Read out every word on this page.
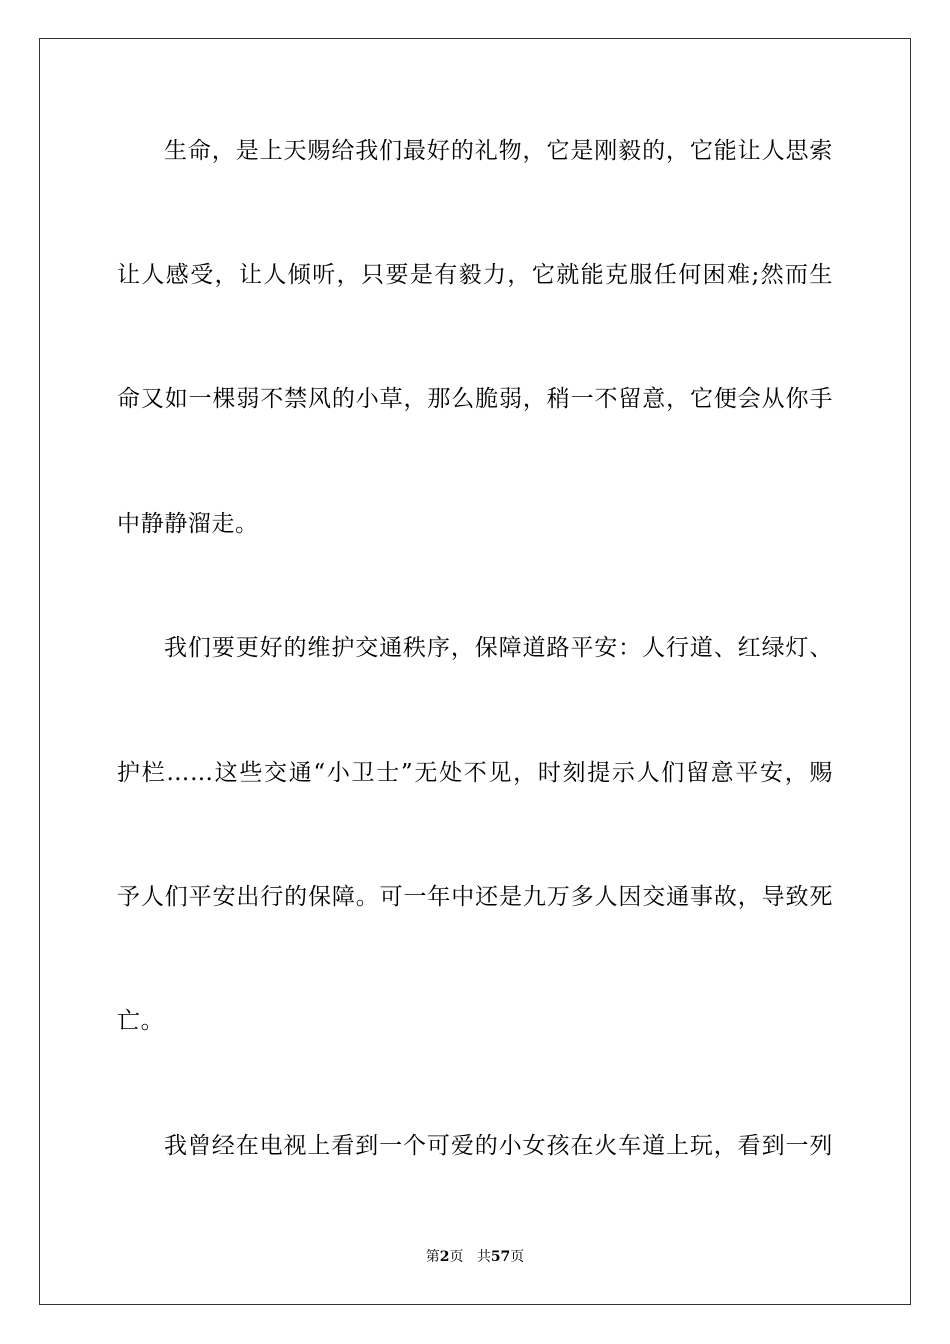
生命，是上天赐给我们最好的礼物，它是刚毅的，它能让人思索
让人感受，让人倾听，只要是有毅力，它就能克服任何困难;然而生
命又如一棵弱不禁风的小草，那么脆弱，稍一不留意，它便会从你手
中静静溜走。
我们要更好的维护交通秩序，保障道路平安：人行道、红绿灯、
护栏……这些交通“小卫士”无处不见，时刻提示人们留意平安，赐
予人们平安出行的保障。可一年中还是九万多人因交通事故，导致死
亡。
我曾经在电视上看到一个可爱的小女孩在火车道上玩，看到一列
第2页 共57页
